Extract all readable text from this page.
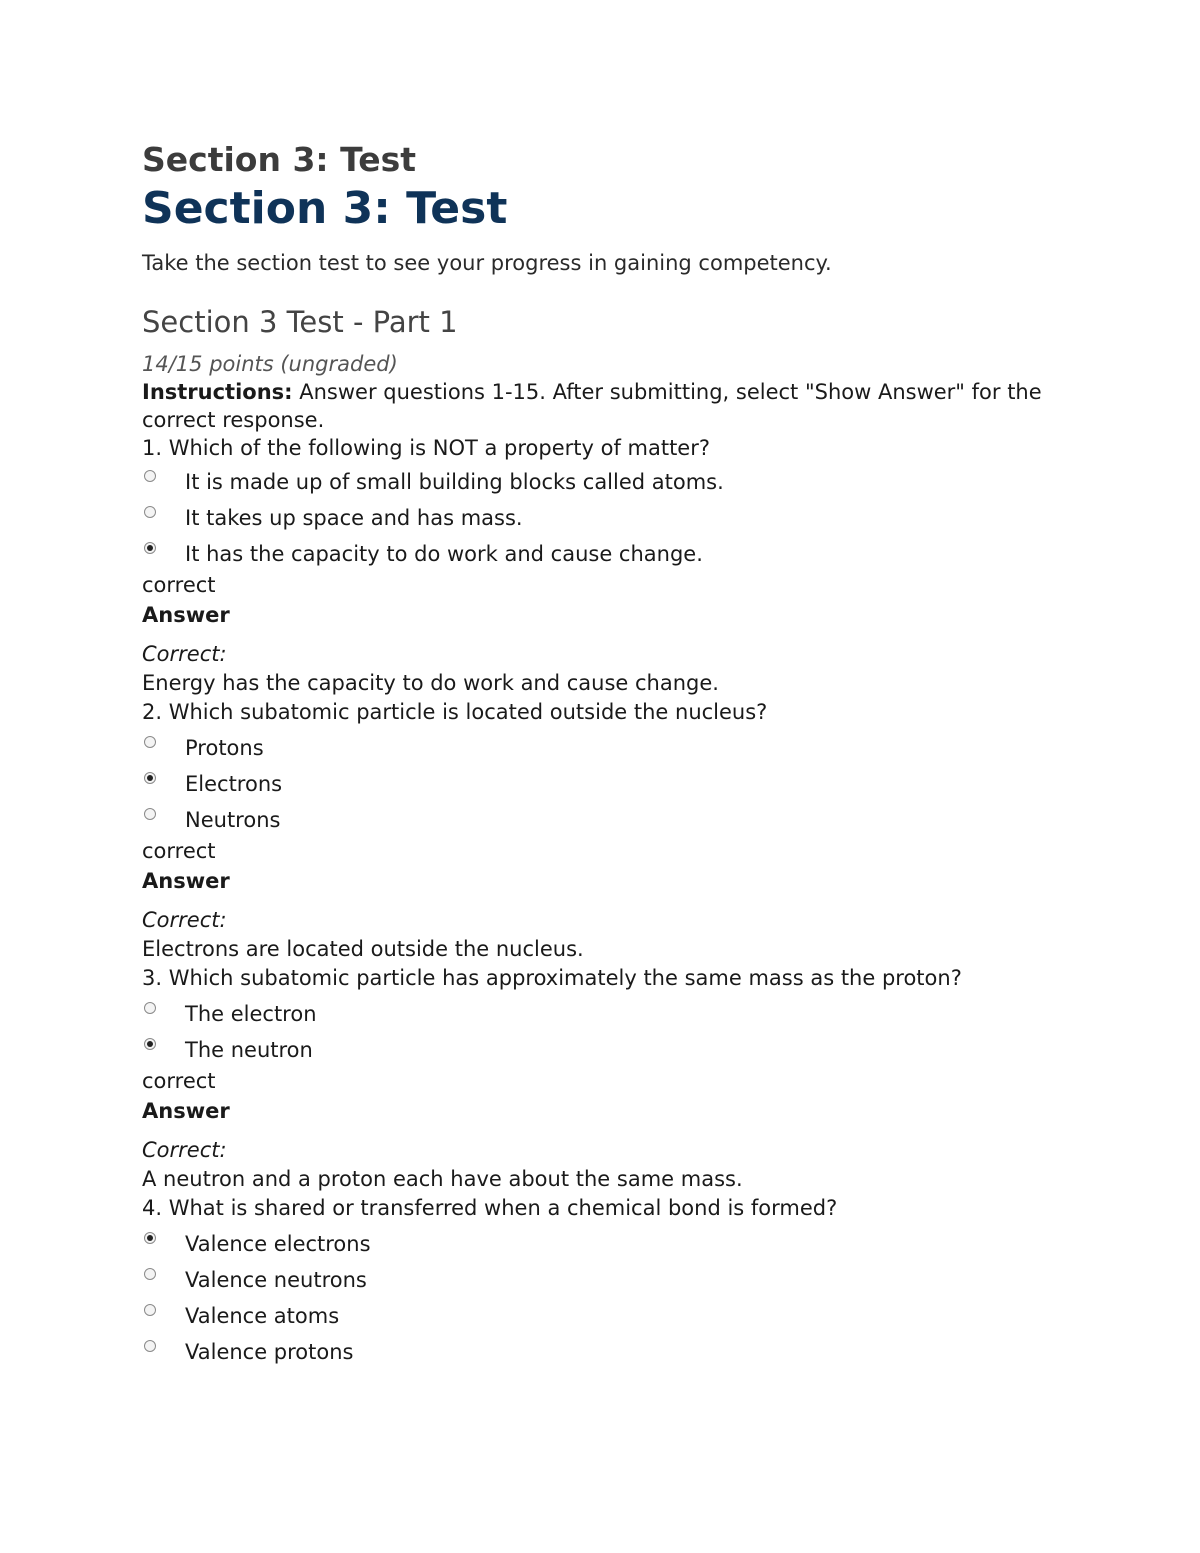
Section 3: Test
Section 3: Test

Take the section test to see your progress in gaining competency.

Section 3 Test - Part 1
14/15 points (ungraded)
Instructions: Answer questions 1-15. After submitting, select "Show Answer" for the correct response.
1. Which of the following is NOT a property of matter?
It is made up of small building blocks called atoms.
It takes up space and has mass.
It has the capacity to do work and cause change.
correct
Answer
Correct:
Energy has the capacity to do work and cause change.
2. Which subatomic particle is located outside the nucleus?
Protons
Electrons
Neutrons
correct
Answer
Correct:
Electrons are located outside the nucleus.
3. Which subatomic particle has approximately the same mass as the proton?
The electron
The neutron
correct
Answer
Correct:
A neutron and a proton each have about the same mass.
4. What is shared or transferred when a chemical bond is formed?
Valence electrons
Valence neutrons
Valence atoms
Valence protons
